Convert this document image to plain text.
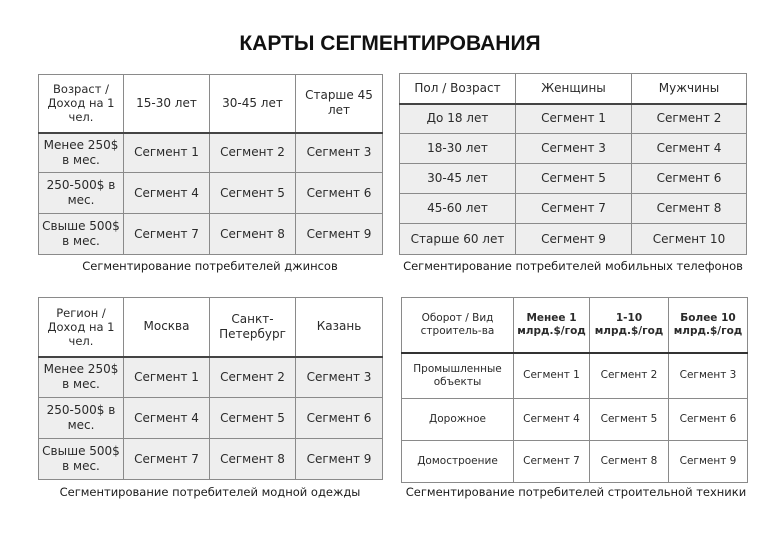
КАРТЫ СЕГМЕНТИРОВАНИЯ
Возраст / Доход на 1 чел.	15-30 лет	30-45 лет	Старше 45 лет
Менее 250$ в мес.	Сегмент 1	Сегмент 2	Сегмент 3
250-500$ в мес.	Сегмент 4	Сегмент 5	Сегмент 6
Свыше 500$ в мес.	Сегмент 7	Сегмент 8	Сегмент 9
Сегментирование потребителей джинсов
Пол / Возраст	Женщины	Мужчины
До 18 лет	Сегмент 1	Сегмент 2
18-30 лет	Сегмент 3	Сегмент 4
30-45 лет	Сегмент 5	Сегмент 6
45-60 лет	Сегмент 7	Сегмент 8
Старше 60 лет	Сегмент 9	Сегмент 10
Сегментирование потребителей мобильных телефонов
Регион / Доход на 1 чел.	Москва	Санкт-Петербург	Казань
Менее 250$ в мес.	Сегмент 1	Сегмент 2	Сегмент 3
250-500$ в мес.	Сегмент 4	Сегмент 5	Сегмент 6
Свыше 500$ в мес.	Сегмент 7	Сегмент 8	Сегмент 9
Сегментирование потребителей модной одежды
Оборот / Вид строитель-ва	Менее 1 млрд.$/год	1-10 млрд.$/год	Более 10 млрд.$/год
Промышленные объекты	Сегмент 1	Сегмент 2	Сегмент 3
Дорожное	Сегмент 4	Сегмент 5	Сегмент 6
Домостроение	Сегмент 7	Сегмент 8	Сегмент 9
Сегментирование потребителей строительной техники
